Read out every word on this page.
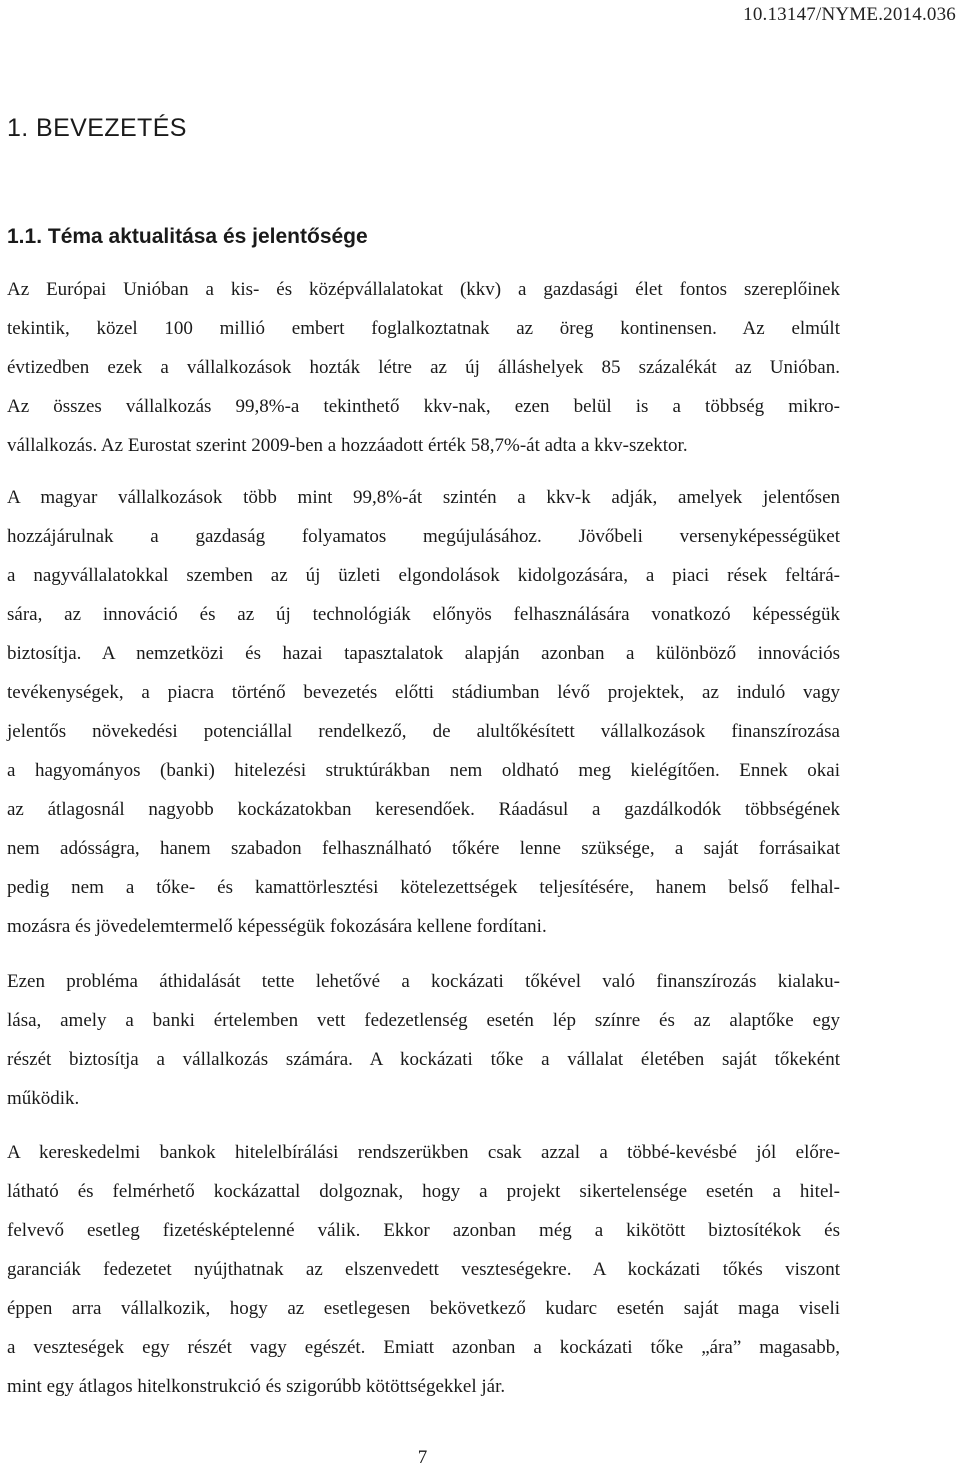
10.13147/NYME.2014.036
1. BEVEZETÉS
1.1. Téma aktualitása és jelentősége
Az Európai Unióban a kis- és középvállalatokat (kkv) a gazdasági élet fontos szereplőinek
tekintik, közel 100 millió embert foglalkoztatnak az öreg kontinensen. Az elmúlt
évtizedben ezek a vállalkozások hozták létre az új álláshelyek 85 százalékát az Unióban.
Az összes vállalkozás 99,8%-a tekinthető kkv-nak, ezen belül is a többség mikro-
vállalkozás. Az Eurostat szerint 2009-ben a hozzáadott érték 58,7%-át adta a kkv-szektor.
A magyar vállalkozások több mint 99,8%-át szintén a kkv-k adják, amelyek jelentősen
hozzájárulnak a gazdaság folyamatos megújulásához. Jövőbeli versenyképességüket
a nagyvállalatokkal szemben az új üzleti elgondolások kidolgozására, a piaci rések feltárá-
sára, az innováció és az új technológiák előnyös felhasználására vonatkozó képességük
biztosítja. A nemzetközi és hazai tapasztalatok alapján azonban a különböző innovációs
tevékenységek, a piacra történő bevezetés előtti stádiumban lévő projektek, az induló vagy
jelentős növekedési potenciállal rendelkező, de alultőkésített vállalkozások finanszírozása
a hagyományos (banki) hitelezési struktúrákban nem oldható meg kielégítően. Ennek okai
az átlagosnál nagyobb kockázatokban keresendőek. Ráadásul a gazdálkodók többségének
nem adósságra, hanem szabadon felhasználható tőkére lenne szüksége, a saját forrásaikat
pedig nem a tőke- és kamattörlesztési kötelezettségek teljesítésére, hanem belső felhal-
mozásra és jövedelemtermelő képességük fokozására kellene fordítani.
Ezen probléma áthidalását tette lehetővé a kockázati tőkével való finanszírozás kialaku-
lása, amely a banki értelemben vett fedezetlenség esetén lép színre és az alaptőke egy
részét biztosítja a vállalkozás számára. A kockázati tőke a vállalat életében saját tőkeként
működik.
A kereskedelmi bankok hitelelbírálási rendszerükben csak azzal a többé-kevésbé jól előre-
látható és felmérhető kockázattal dolgoznak, hogy a projekt sikertelensége esetén a hitel-
felvevő esetleg fizetésképtelenné válik. Ekkor azonban még a kikötött biztosítékok és
garanciák fedezetet nyújthatnak az elszenvedett veszteségekre. A kockázati tőkés viszont
éppen arra vállalkozik, hogy az esetlegesen bekövetkező kudarc esetén saját maga viseli
a veszteségek egy részét vagy egészét. Emiatt azonban a kockázati tőke „ára” magasabb,
mint egy átlagos hitelkonstrukció és szigorúbb kötöttségekkel jár.
7
